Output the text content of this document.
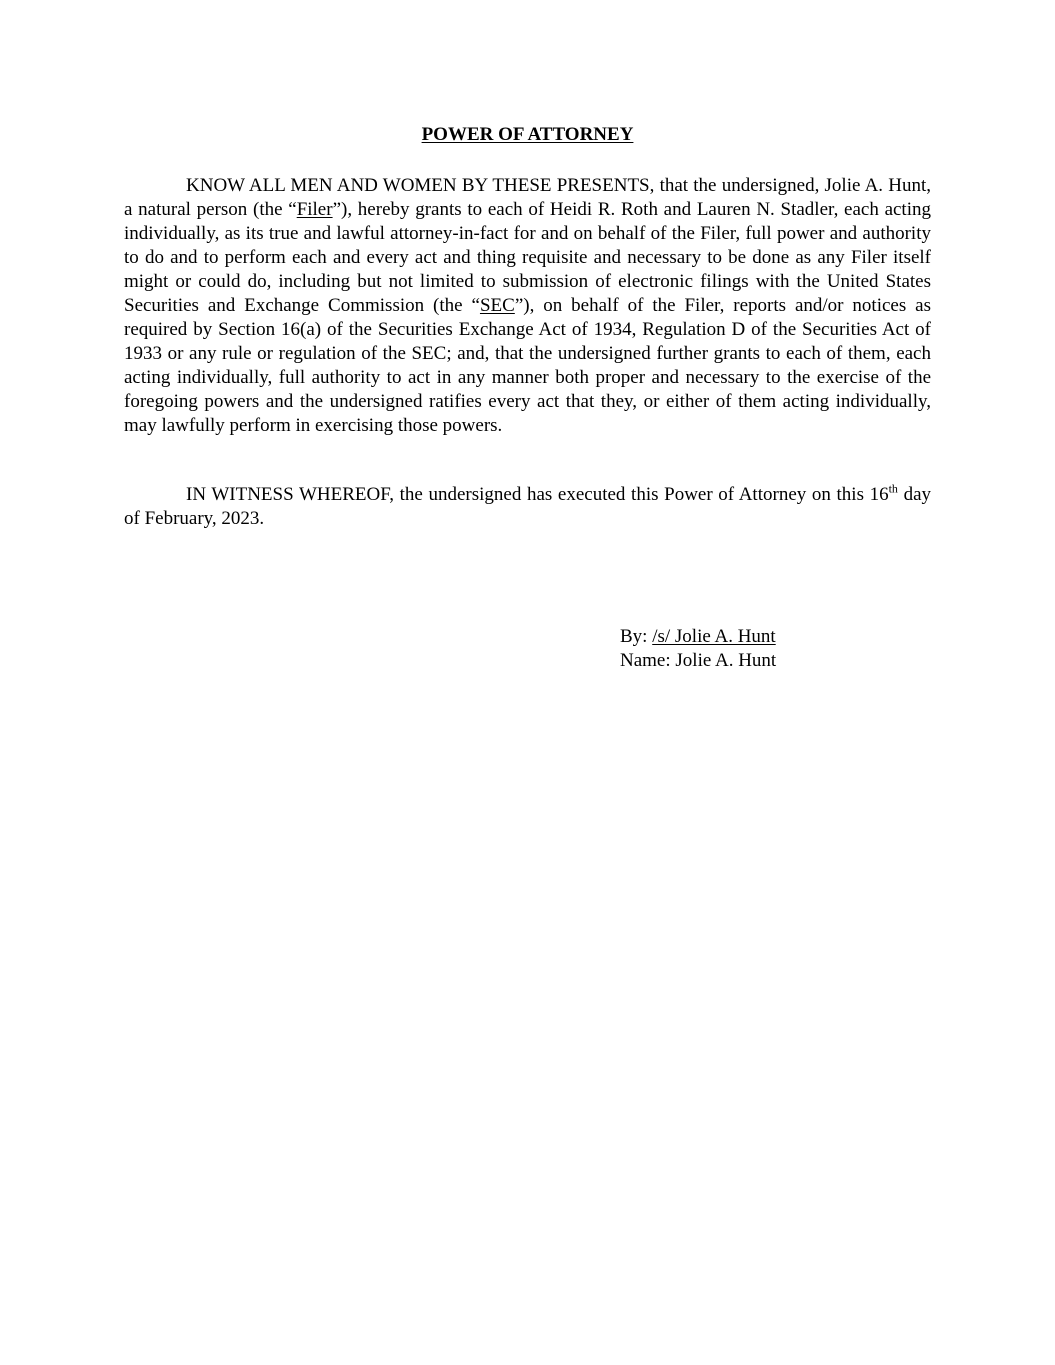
POWER OF ATTORNEY

KNOW ALL MEN AND WOMEN BY THESE PRESENTS, that the undersigned, Jolie A. Hunt, a natural person (the “Filer”), hereby grants to each of Heidi R. Roth and Lauren N. Stadler, each acting individually, as its true and lawful attorney-in-fact for and on behalf of the Filer, full power and authority to do and to perform each and every act and thing requisite and necessary to be done as any Filer itself might or could do, including but not limited to submission of electronic filings with the United States Securities and Exchange Commission (the “SEC”), on behalf of the Filer, reports and/or notices as required by Section 16(a) of the Securities Exchange Act of 1934, Regulation D of the Securities Act of 1933 or any rule or regulation of the SEC; and, that the undersigned further grants to each of them, each acting individually, full authority to act in any manner both proper and necessary to the exercise of the foregoing powers and the undersigned ratifies every act that they, or either of them acting individually, may lawfully perform in exercising those powers.

IN WITNESS WHEREOF, the undersigned has executed this Power of Attorney on this 16th day of February, 2023.

By: /s/ Jolie A. Hunt
Name: Jolie A. Hunt
